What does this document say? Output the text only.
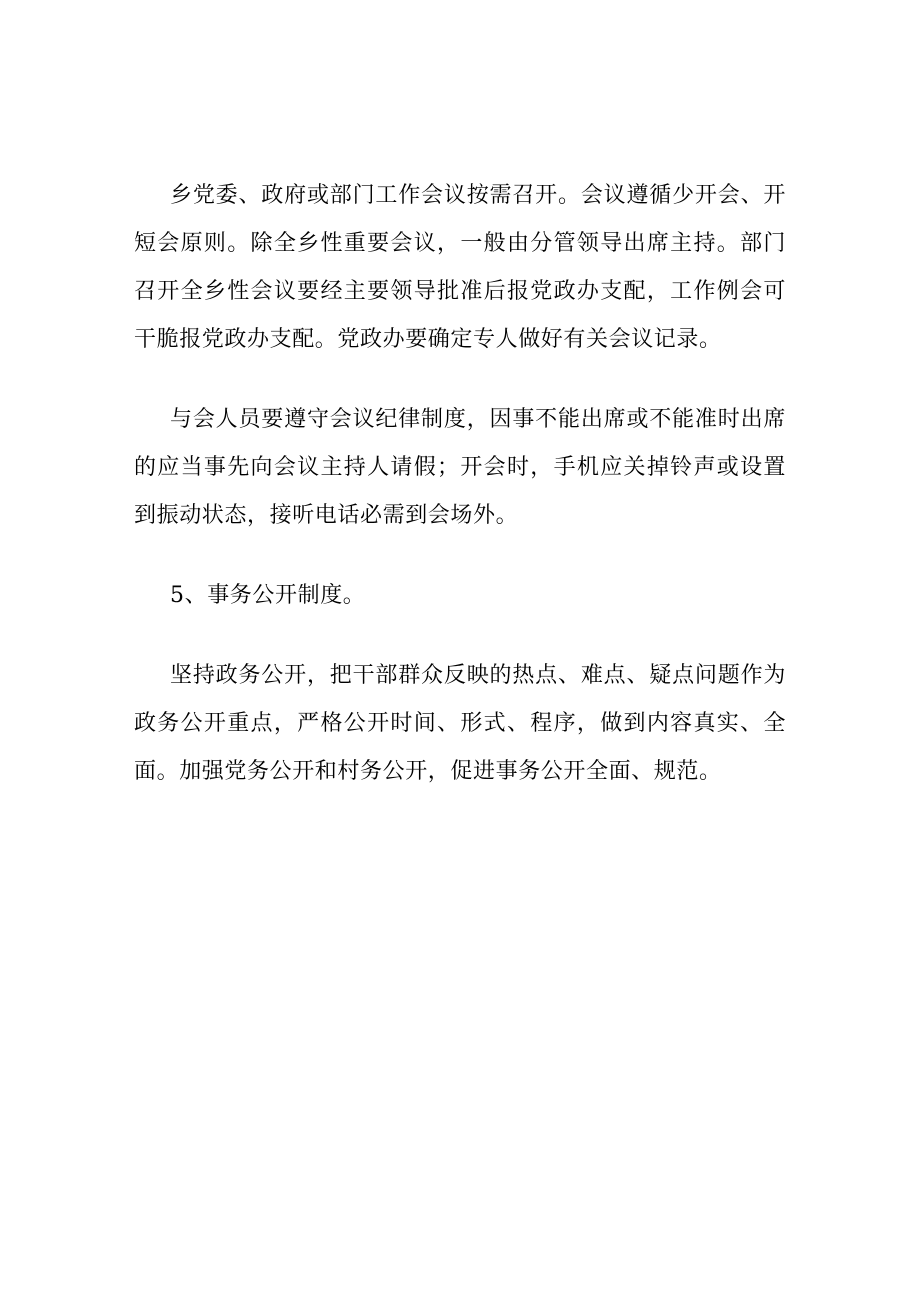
乡党委、政府或部门工作会议按需召开。会议遵循少开会、开短会原则。除全乡性重要会议，一般由分管领导出席主持。部门召开全乡性会议要经主要领导批准后报党政办支配，工作例会可干脆报党政办支配。党政办要确定专人做好有关会议记录。

与会人员要遵守会议纪律制度，因事不能出席或不能准时出席的应当事先向会议主持人请假；开会时，手机应关掉铃声或设置到振动状态，接听电话必需到会场外。

5、事务公开制度。

坚持政务公开，把干部群众反映的热点、难点、疑点问题作为政务公开重点，严格公开时间、形式、程序，做到内容真实、全面。加强党务公开和村务公开，促进事务公开全面、规范。
